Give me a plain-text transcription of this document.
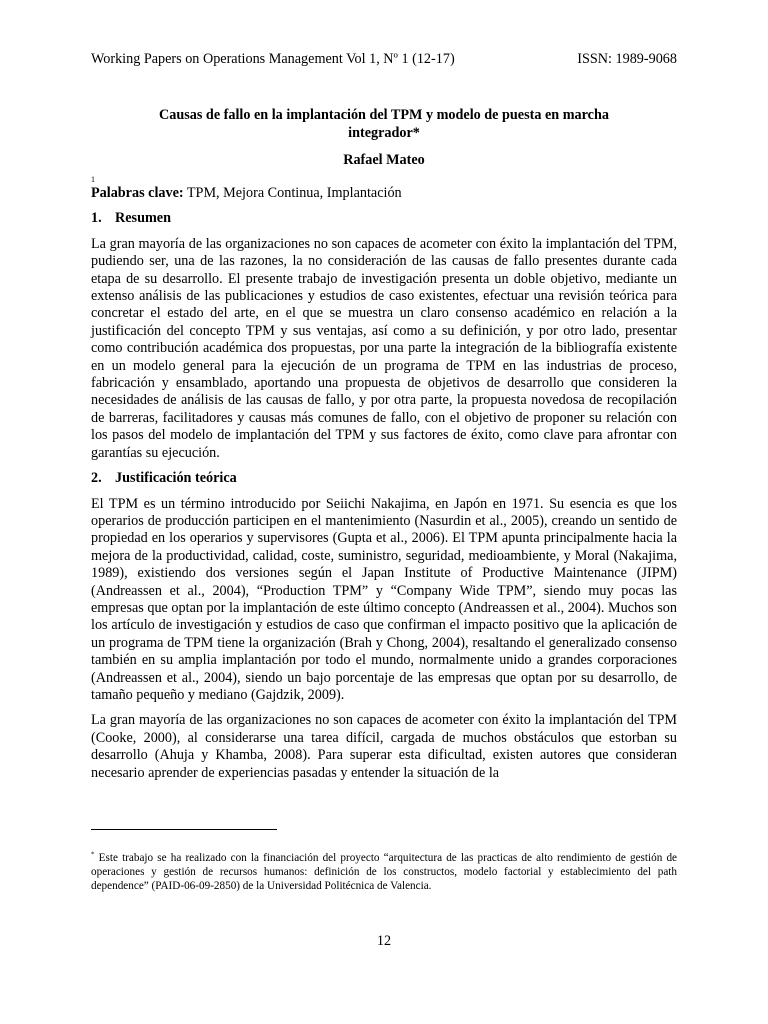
Working Papers on Operations Management Vol 1, Nº 1 (12-17)	ISSN: 1989-9068
Causas de fallo en la implantación del TPM y modelo de puesta en marcha
integrador*
Rafael Mateo
1

Palabras clave: TPM, Mejora Continua, Implantación

1. Resumen

La gran mayoría de las organizaciones no son capaces de acometer con éxito la implantación del TPM, pudiendo ser, una de las razones, la no consideración de las causas de fallo presentes durante cada etapa de su desarrollo. El presente trabajo de investigación presenta un doble objetivo, mediante un extenso análisis de las publicaciones y estudios de caso existentes, efectuar una revisión teórica para concretar el estado del arte, en el que se muestra un claro consenso académico en relación a la justificación del concepto TPM y sus ventajas, así como a su definición, y por otro lado, presentar como contribución académica dos propuestas, por una parte la integración de la bibliografía existente en un modelo general para la ejecución de un programa de TPM en las industrias de proceso, fabricación y ensamblado, aportando una propuesta de objetivos de desarrollo que consideren la necesidades de análisis de las causas de fallo, y por otra parte, la propuesta novedosa de recopilación de barreras, facilitadores y causas más comunes de fallo, con el objetivo de proponer su relación con los pasos del modelo de implantación del TPM y sus factores de éxito, como clave para afrontar con garantías su ejecución.

2. Justificación teórica

El TPM es un término introducido por Seiichi Nakajima, en Japón en 1971. Su esencia es que los operarios de producción participen en el mantenimiento (Nasurdin et al., 2005), creando un sentido de propiedad en los operarios y supervisores (Gupta et al., 2006). El TPM apunta principalmente hacia la mejora de la productividad, calidad, coste, suministro, seguridad, medioambiente, y Moral (Nakajima, 1989), existiendo dos versiones según el Japan Institute of Productive Maintenance (JIPM) (Andreassen et al., 2004), “Production TPM” y “Company Wide TPM”, siendo muy pocas las empresas que optan por la implantación de este último concepto (Andreassen et al., 2004). Muchos son los artículo de investigación y estudios de caso que confirman el impacto positivo que la aplicación de un programa de TPM tiene la organización (Brah y Chong, 2004), resaltando el generalizado consenso también en su amplia implantación por todo el mundo, normalmente unido a grandes corporaciones (Andreassen et al., 2004), siendo un bajo porcentaje de las empresas que optan por su desarrollo, de tamaño pequeño y mediano (Gajdzik, 2009).

La gran mayoría de las organizaciones no son capaces de acometer con éxito la implantación del TPM (Cooke, 2000), al considerarse una tarea difícil, cargada de muchos obstáculos que estorban su desarrollo (Ahuja y Khamba, 2008). Para superar esta dificultad, existen autores que consideran necesario aprender de experiencias pasadas y entender la situación de la

* Este trabajo se ha realizado con la financiación del proyecto “arquitectura de las practicas de alto rendimiento de gestión de operaciones y gestión de recursos humanos: definición de los constructos, modelo factorial y establecimiento del path dependence” (PAID-06-09-2850) de la Universidad Politécnica de Valencia.
12
